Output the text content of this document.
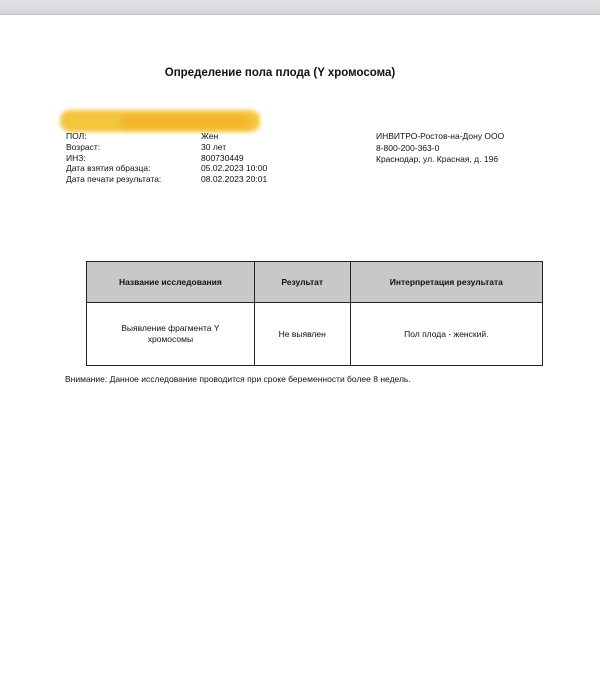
Определение пола плода (Y хромосома)
ПОЛ:	Жен
Возраст:	30 лет
ИНЗ:	800730449
Дата взятия образца:	05.02.2023 10:00
Дата печати результата:	08.02.2023 20:01
ИНВИТРО-Ростов-на-Дону ООО
8-800-200-363-0
Краснодар, ул. Красная, д. 196
Название исследования	Результат	Интерпретация результата

Выявление фрагмента Y хромосомы	Не выявлен	Пол плода - женский.
Внимание: Данное исследование проводится при сроке беременности более 8 недель.
